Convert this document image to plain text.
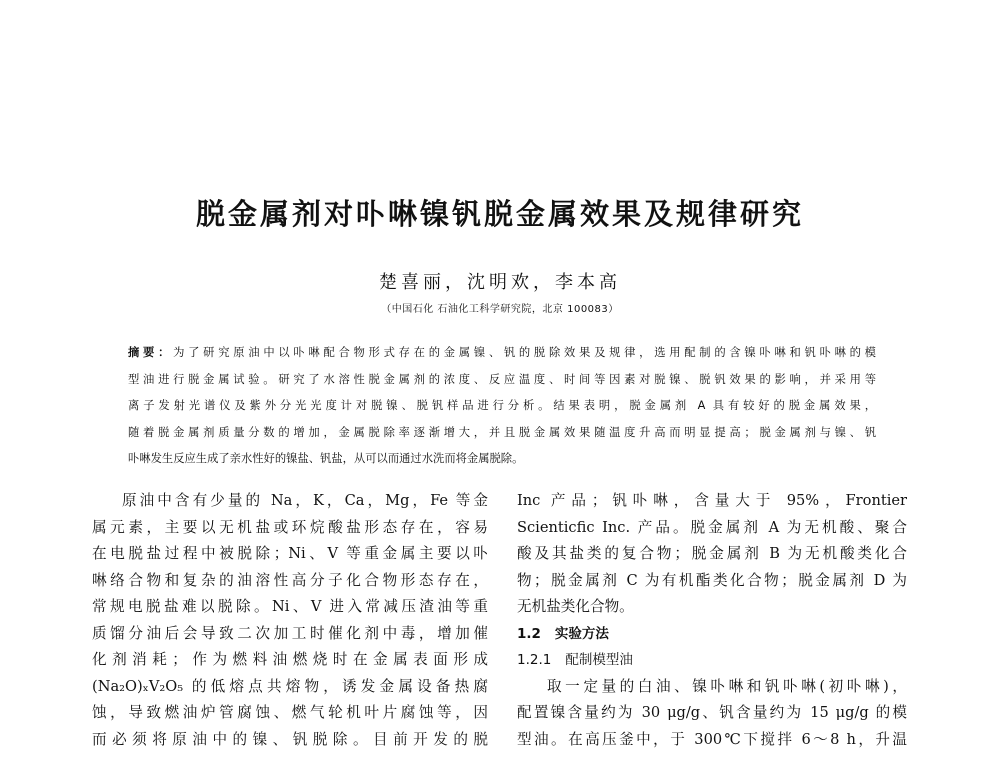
脱金属剂对卟啉镍钒脱金属效果及规律研究
楚喜丽，沈明欢，李本高
（中国石化 石油化工科学研究院，北京 100083）
摘要：为了研究原油中以卟啉配合物形式存在的金属镍、钒的脱除效果及规律，选用配制的含镍卟啉和钒卟啉的模
型油进行脱金属试验。研究了水溶性脱金属剂的浓度、反应温度、时间等因素对脱镍、脱钒效果的影响，并采用等
离子发射光谱仪及紫外分光光度计对脱镍、脱钒样品进行分析。结果表明，脱金属剂 A 具有较好的脱金属效果，
随着脱金属剂质量分数的增加，金属脱除率逐渐增大，并且脱金属效果随温度升高而明显提高；脱金属剂与镍、钒
卟啉发生反应生成了亲水性好的镍盐、钒盐，从可以而通过水洗而将金属脱除。
原油中含有少量的 Na，K，Ca，Mg，Fe 等金
属元素，主要以无机盐或环烷酸盐形态存在，容易
在电脱盐过程中被脱除；Ni、V 等重金属主要以卟
啉络合物和复杂的油溶性高分子化合物形态存在，
常规电脱盐难以脱除。Ni、V 进入常减压渣油等重
质馏分油后会导致二次加工时催化剂中毒，增加催
化剂消耗；作为燃料油燃烧时在金属表面形成
(Na₂O)ₓV₂O₅ 的低熔点共熔物，诱发金属设备热腐
蚀，导致燃油炉管腐蚀、燃气轮机叶片腐蚀等，因
而必须将原油中的镍、钒脱除。目前开发的脱
Inc 产品；钒卟啉，含量大于 95%，Frontier
Scienticfic Inc. 产品。脱金属剂 A 为无机酸、聚合
酸及其盐类的复合物；脱金属剂 B 为无机酸类化合
物；脱金属剂 C 为有机酯类化合物；脱金属剂 D 为
无机盐类化合物。
1.2 实验方法
1.2.1 配制模型油
取一定量的白油、镍卟啉和钒卟啉(初卟啉)，
配置镍含量约为 30 μg/g、钒含量约为 15 μg/g 的模
型油。在高压釜中，于 300℃下搅拌 6～8 h，升温
